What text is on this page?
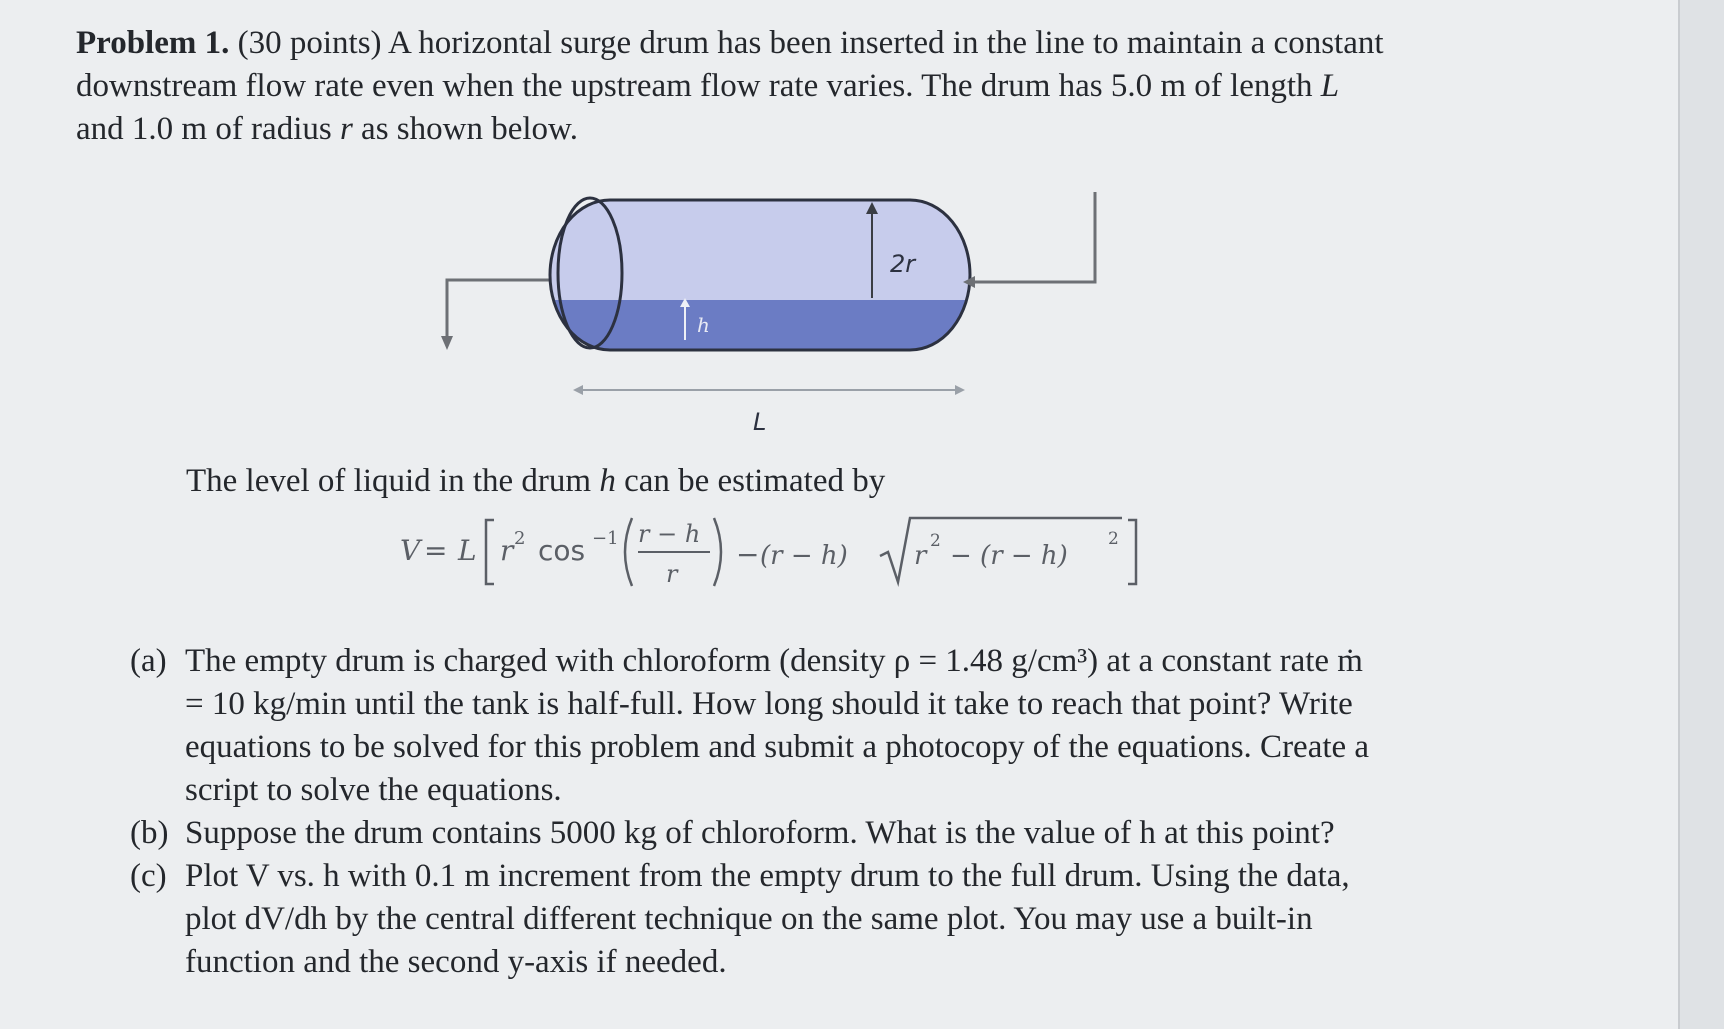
Problem 1. (30 points) A horizontal surge drum has been inserted in the line to maintain a constant
downstream flow rate even when the upstream flow rate varies. The drum has 5.0 m of length L
and 1.0 m of radius r as shown below.
2r
h
L
The level of liquid in the drum h can be estimated by
V = L r 2 cos −1 r − h
r
− (r − h)	r 2 − (r − h)
2
(a) The empty drum is charged with chloroform (density ρ = 1.48 g/cm³) at a constant rate ṁ
= 10 kg/min until the tank is half-full. How long should it take to reach that point? Write
equations to be solved for this problem and submit a photocopy of the equations. Create a
script to solve the equations.
(b) Suppose the drum contains 5000 kg of chloroform. What is the value of h at this point?
(c) Plot V vs. h with 0.1 m increment from the empty drum to the full drum. Using the data,
plot dV/dh by the central different technique on the same plot. You may use a built-in
function and the second y-axis if needed.
